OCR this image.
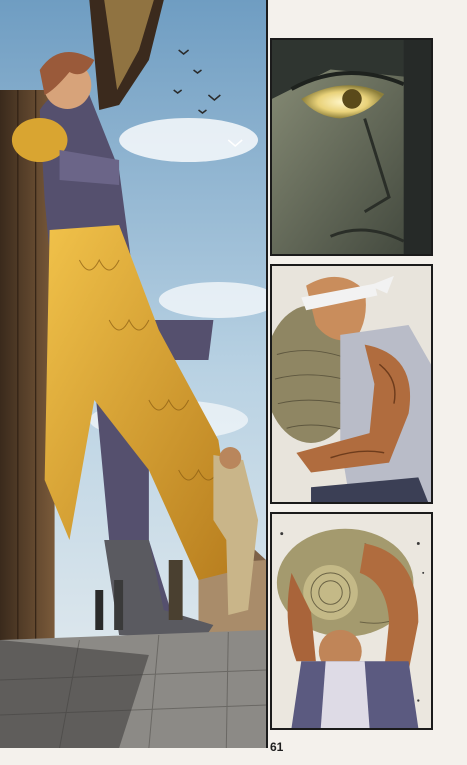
61
